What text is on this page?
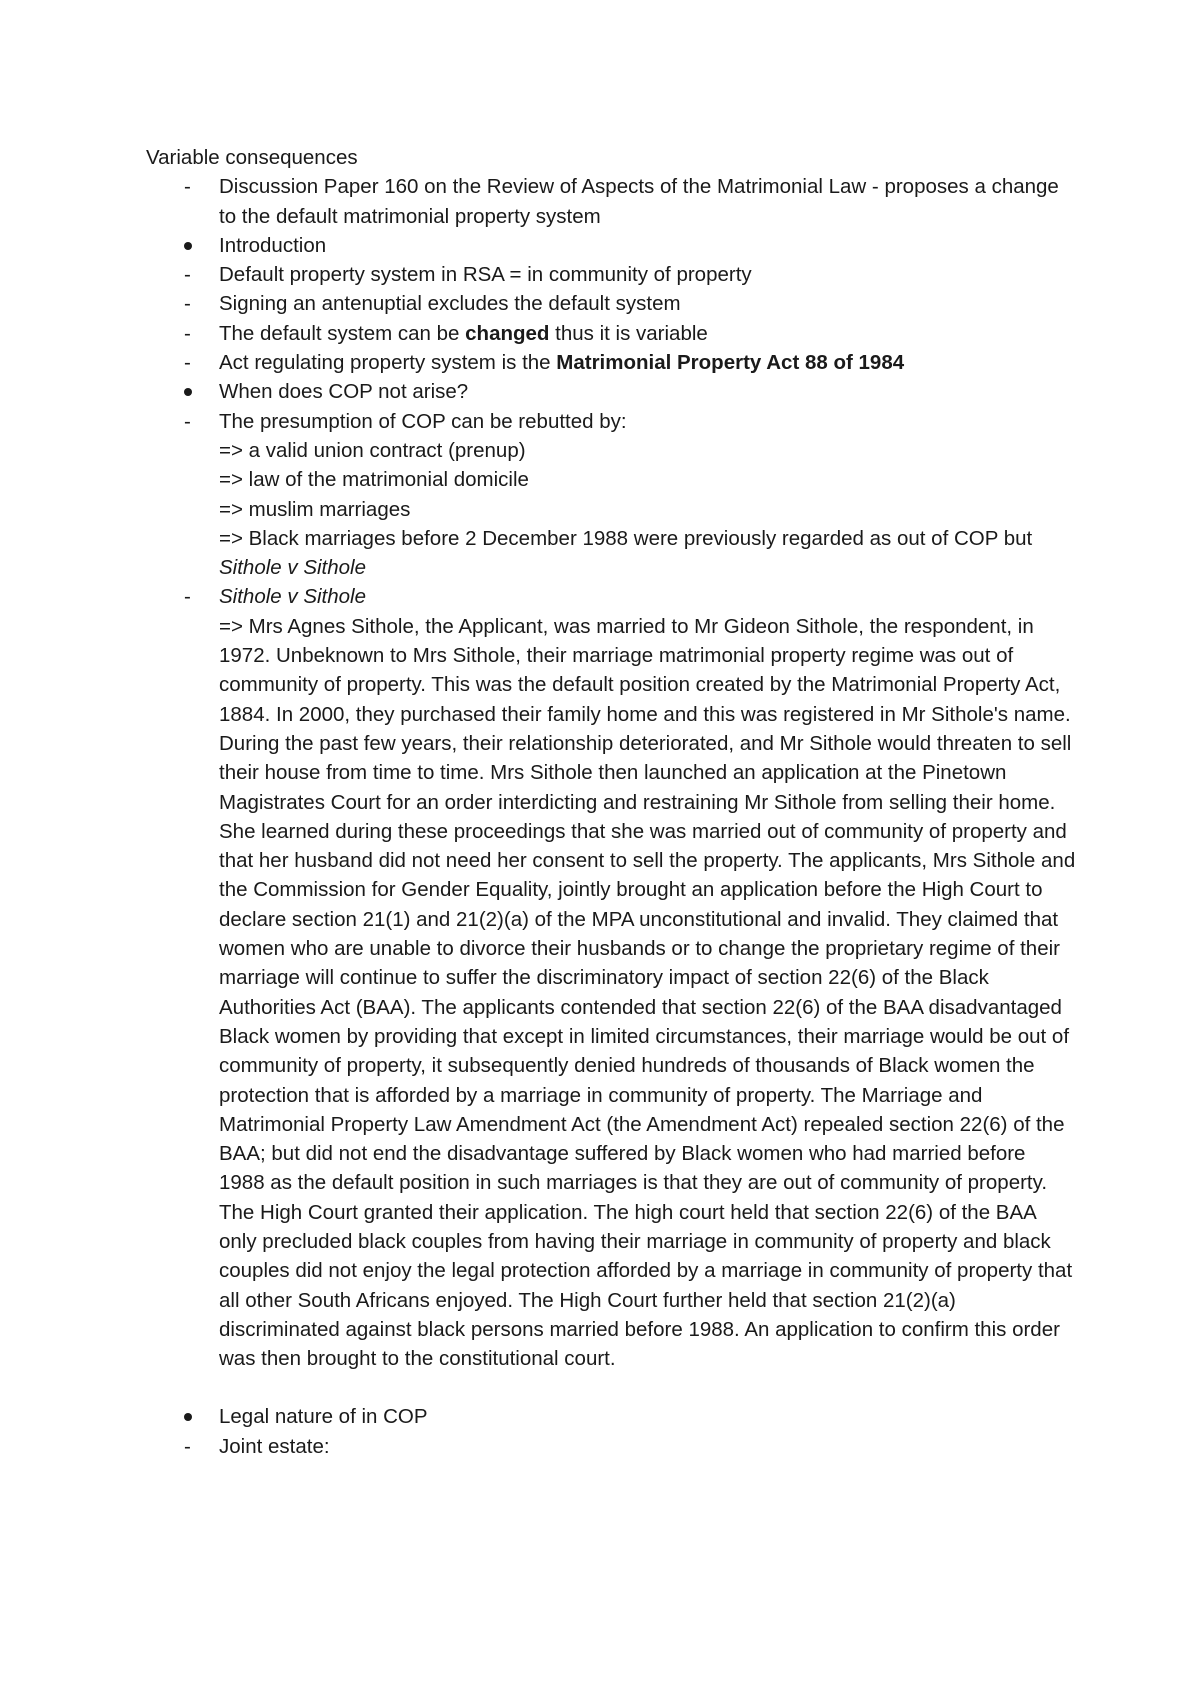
Variable consequences

-	Discussion Paper 160 on the Review of Aspects of the Matrimonial Law - proposes a change to the default matrimonial property system
Introduction
-	Default property system in RSA = in community of property
-	Signing an antenuptial excludes the default system
-	The default system can be changed thus it is variable
-	Act regulating property system is the Matrimonial Property Act 88 of 1984
When does COP not arise?
-	The presumption of COP can be rebutted by:
=> a valid union contract (prenup)
=> law of the matrimonial domicile
=> muslim marriages
=> Black marriages before 2 December 1988 were previously regarded as out of COP but Sithole v Sithole
-	Sithole v Sithole
=> Mrs Agnes Sithole, the Applicant, was married to Mr Gideon Sithole, the respondent, in 1972. Unbeknown to Mrs Sithole, their marriage matrimonial property regime was out of community of property. This was the default position created by the Matrimonial Property Act, 1884. In 2000, they purchased their family home and this was registered in Mr Sithole's name. During the past few years, their relationship deteriorated, and Mr Sithole would threaten to sell their house from time to time. Mrs Sithole then launched an application at the Pinetown Magistrates Court for an order interdicting and restraining Mr Sithole from selling their home. She learned during these proceedings that she was married out of community of property and that her husband did not need her consent to sell the property. The applicants, Mrs Sithole and the Commission for Gender Equality, jointly brought an application before the High Court to declare section 21(1) and 21(2)(a) of the MPA unconstitutional and invalid. They claimed that women who are unable to divorce their husbands or to change the proprietary regime of their marriage will continue to suffer the discriminatory impact of section 22(6) of the Black Authorities Act (BAA). The applicants contended that section 22(6) of the BAA disadvantaged Black women by providing that except in limited circumstances, their marriage would be out of community of property, it subsequently denied hundreds of thousands of Black women the protection that is afforded by a marriage in community of property. The Marriage and Matrimonial Property Law Amendment Act (the Amendment Act) repealed section 22(6) of the BAA; but did not end the disadvantage suffered by Black women who had married before 1988 as the default position in such marriages is that they are out of community of property. The High Court granted their application. The high court held that section 22(6) of the BAA only precluded black couples from having their marriage in community of property and black couples did not enjoy the legal protection afforded by a marriage in community of property that all other South Africans enjoyed. The High Court further held that section 21(2)(a) discriminated against black persons married before 1988. An application to confirm this order was then brought to the constitutional court.
Legal nature of in COP
-	Joint estate:
